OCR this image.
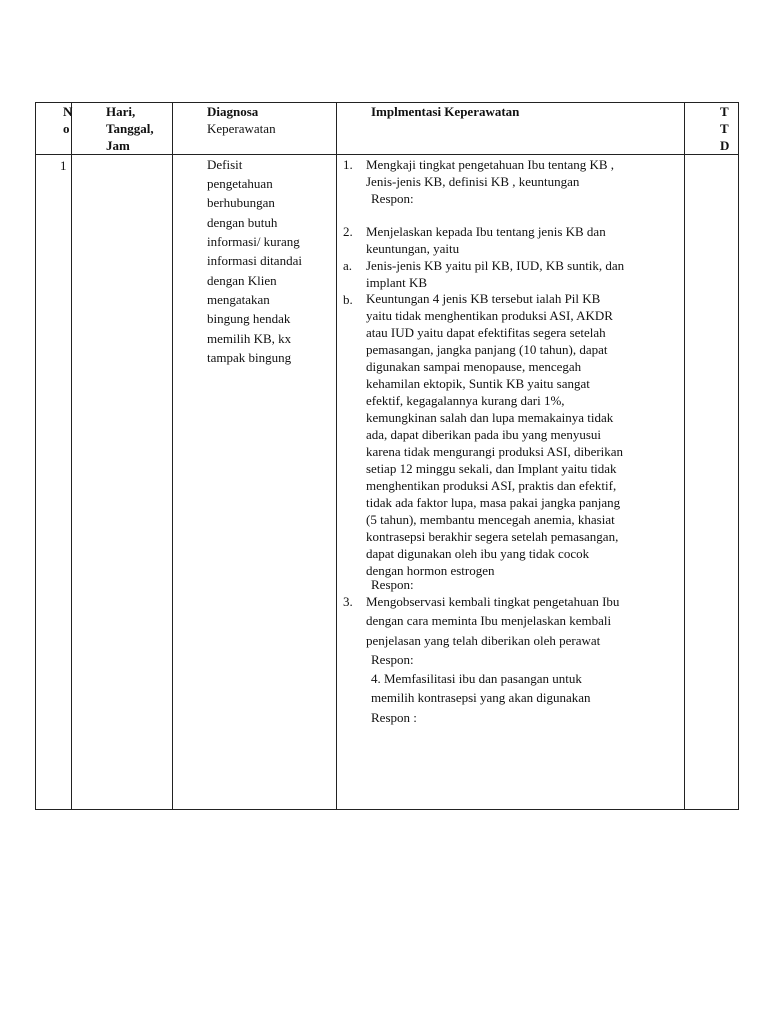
N
o
Hari,
Tanggal,
Jam
Diagnosa
Keperawatan
Implmentasi Keperawatan	T
T
D
1	Defisit
pengetahuan
berhubungan
dengan butuh
informasi/ kurang
informasi ditandai
dengan Klien
mengatakan
bingung hendak
memilih KB, kx
tampak bingung
1. Mengkaji tingkat pengetahuan Ibu tentang KB ,
Jenis-jenis KB, definisi KB , keuntungan
Respon:
2. Menjelaskan kepada Ibu tentang jenis KB dan
keuntungan, yaitu
a. Jenis-jenis KB yaitu pil KB, IUD, KB suntik, dan
implant KB
b. Keuntungan 4 jenis KB tersebut ialah Pil KB
yaitu tidak menghentikan produksi ASI, AKDR
atau IUD yaitu dapat efektifitas segera setelah
pemasangan, jangka panjang (10 tahun), dapat
digunakan sampai menopause, mencegah
kehamilan ektopik, Suntik KB yaitu sangat
efektif, kegagalannya kurang dari 1%,
kemungkinan salah dan lupa memakainya tidak
ada, dapat diberikan pada ibu yang menyusui
karena tidak mengurangi produksi ASI, diberikan
setiap 12 minggu sekali, dan Implant yaitu tidak
menghentikan produksi ASI, praktis dan efektif,
tidak ada faktor lupa, masa pakai jangka panjang
(5 tahun), membantu mencegah anemia, khasiat
kontrasepsi berakhir segera setelah pemasangan,
dapat digunakan oleh ibu yang tidak cocok
dengan hormon estrogen
Respon:
3. Mengobservasi kembali tingkat pengetahuan Ibu
dengan cara meminta Ibu menjelaskan kembali
penjelasan yang telah diberikan oleh perawat
Respon:
4. Memfasilitasi ibu dan pasangan untuk
memilih kontrasepsi yang akan digunakan
Respon :
